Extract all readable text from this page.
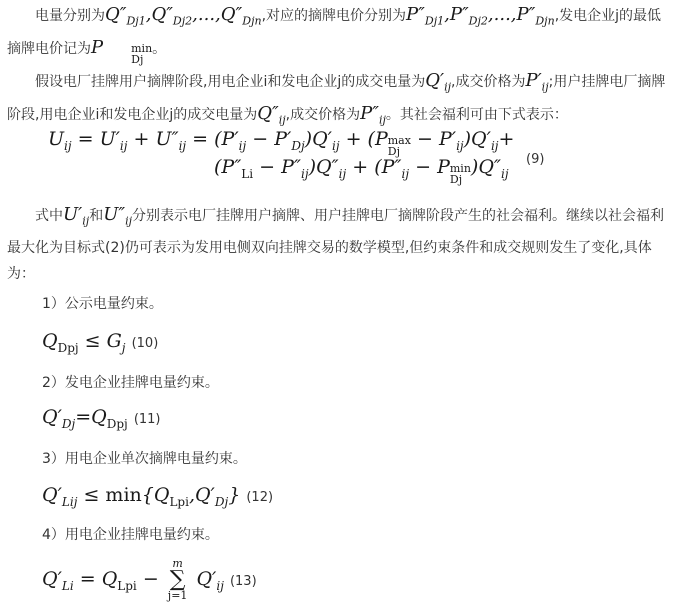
电量分别为$Q''_{Dj1},Q''_{Dj2},...,Q''_{Djn}$,对应的摘牌电价分别为$P''_{Dj1},P''_{Dj2},...,P''_{Djn}$,发电企业j的最低摘牌电价记为P	min
Dj
。

假设电厂挂牌用户摘牌阶段,用电企业i和发电企业j的成交电量为$Q'_{ij}$,成交价格为$P'_{ij}$;用户挂牌电厂摘牌阶段,用电企业i和发电企业j的成交电量为$Q''_{ij}$,成交价格为$P''_{ij}$。其社会福利可由下式表示：

$U_{ij} = U'_{ij} + U''_{ij} = (P'_{ij} - P'_{Dj})Q'_{ij} + (P$ max
Dj
− $P'_{ij})Q'_{ij}+$
$(P''_{Li} - P''_{ij})Q''_{ij} + (P''_{ij} - P$ min
Dj
)$Q''_{ij}$
(9)

式中$U'_{ij}$和$U''_{ij}$分别表示电厂挂牌用户摘牌、用户挂牌电厂摘牌阶段产生的社会福利。继续以社会福利最大化为目标式(2)仍可表示为发用电侧双向挂牌交易的数学模型,但约束条件和成交规则发生了变化,具体为：

1）公示电量约束。
$Q_{Dpj} \le G_j$ (10)
2）发电企业挂牌电量约束。
$Q'_{Dj}=Q_{Dpj}$ (11)
3）用电企业单次摘牌电量约束。
$Q'_{Lij} \le \min\{Q_{Lpi},Q'_{Dj}\}$ (12)
4）用电企业挂牌电量约束。
$Q'_{Li} = Q_{Lpi}$ −
m
∑
j=1
$Q'_{ij}$ (13)
